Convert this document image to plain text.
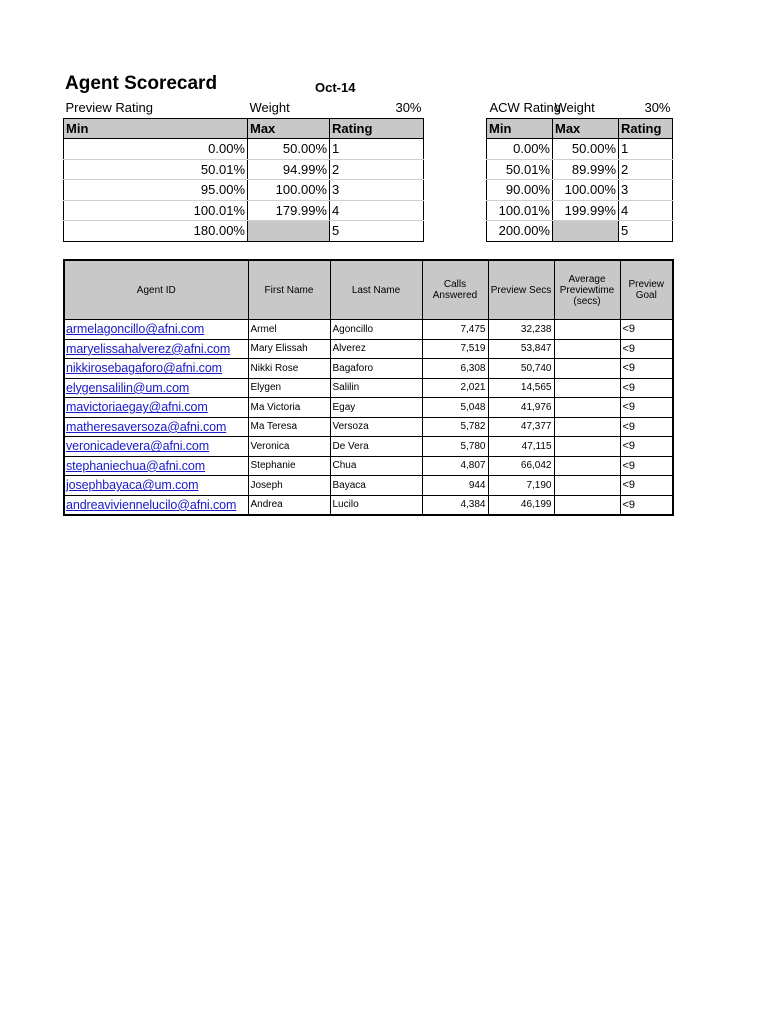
Agent Scorecard	Oct-14
Preview Rating	Weight	30%
Min	Max	Rating
0.00%	50.00%	1
50.01%	94.99%	2
95.00%	100.00%	3
100.01%	179.99%	4
180.00%		5
ACW Rating	Weight	30%
Min	Max	Rating
0.00%	50.00%	1
50.01%	89.99%	2
90.00%	100.00%	3
100.01%	199.99%	4
200.00%		5
Agent ID	First Name	Last Name	Calls Answered	Preview Secs	Average Previewtime (secs)	Preview Goal
armelagoncillo@afni.com	Armel	Agoncillo	7,475	32,238		<9
maryelissahalverez@afni.com	Mary Elissah	Alverez	7,519	53,847		<9
nikkirosebagaforo@afni.com	Nikki Rose	Bagaforo	6,308	50,740		<9
elygensalilin@um.com	Elygen	Salilin	2,021	14,565		<9
mavictoriaegay@afni.com	Ma Victoria	Egay	5,048	41,976		<9
matheresaversoza@afni.com	Ma Teresa	Versoza	5,782	47,377		<9
veronicadevera@afni.com	Veronica	De Vera	5,780	47,115		<9
stephaniechua@afni.com	Stephanie	Chua	4,807	66,042		<9
josephbayaca@um.com	Joseph	Bayaca	944	7,190		<9
andreaviviennelucilo@afni.com	Andrea	Lucilo	4,384	46,199		<9
